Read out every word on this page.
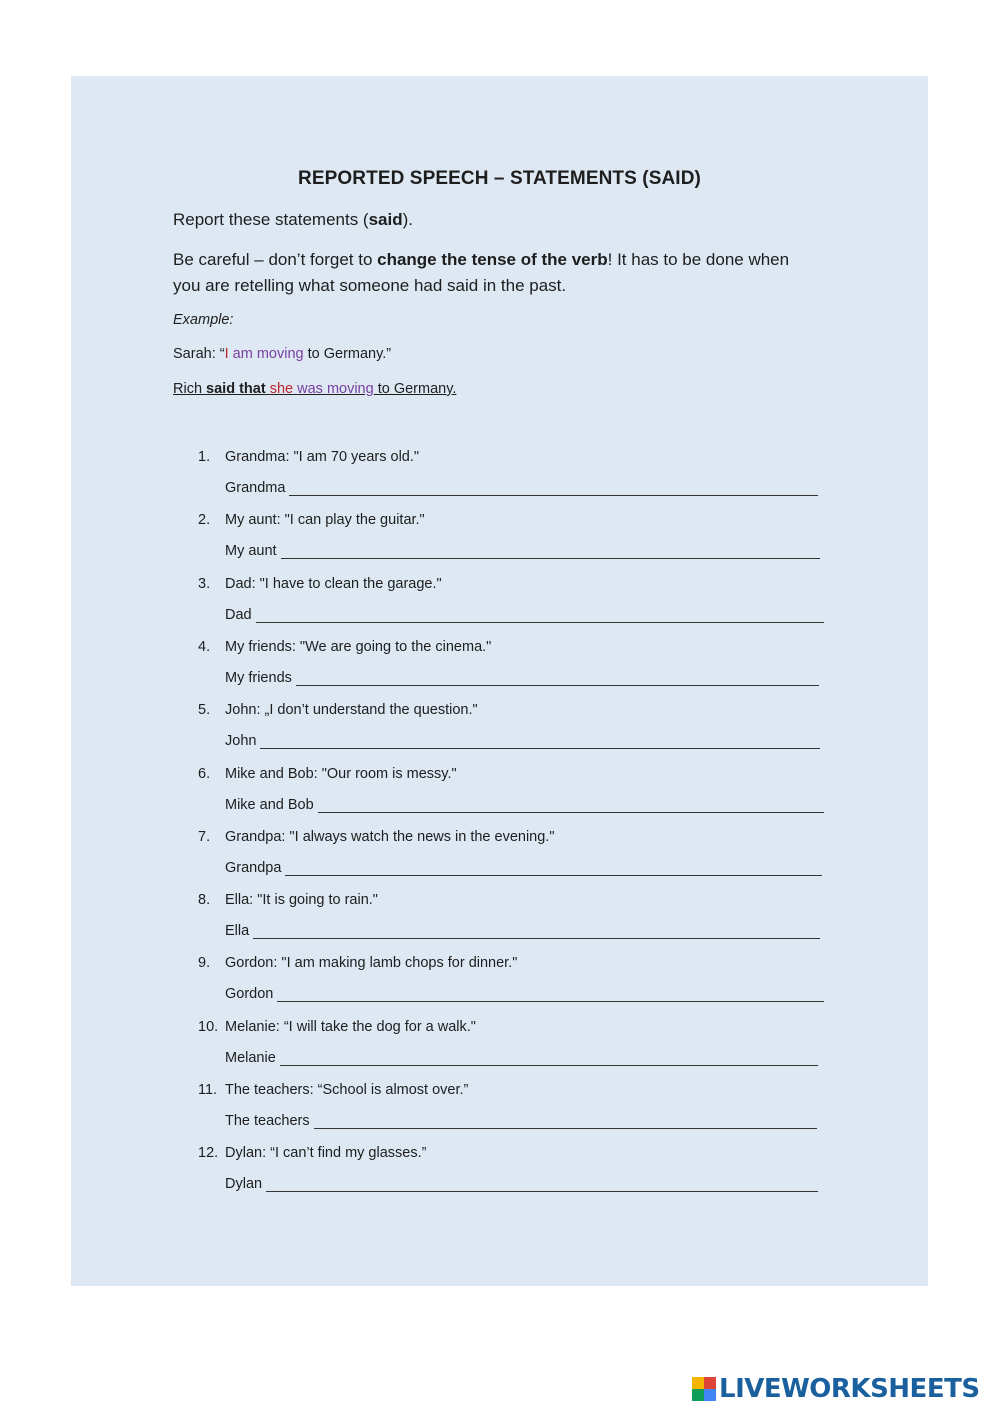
REPORTED SPEECH – STATEMENTS (SAID)
Report these statements (said).
Be careful – don’t forget to change the tense of the verb! It has to be done when you are retelling what someone had said in the past.
Example:
Sarah: “I am moving to Germany.”
Rich said that she was moving to Germany.
1. Grandma: "I am 70 years old."
Grandma
2. My aunt: "I can play the guitar."
My aunt
3. Dad: "I have to clean the garage."
Dad
4. My friends: "We are going to the cinema."
My friends
5. John: „I don’t understand the question."
John
6. Mike and Bob: "Our room is messy."
Mike and Bob
7. Grandpa: "I always watch the news in the evening."
Grandpa
8. Ella: "It is going to rain."
Ella
9. Gordon: "I am making lamb chops for dinner."
Gordon
10. Melanie: “I will take the dog for a walk."
Melanie
11. The teachers: “School is almost over.”
The teachers
12. Dylan: “I can’t find my glasses.”
Dylan
LIVEWORKSHEETS
